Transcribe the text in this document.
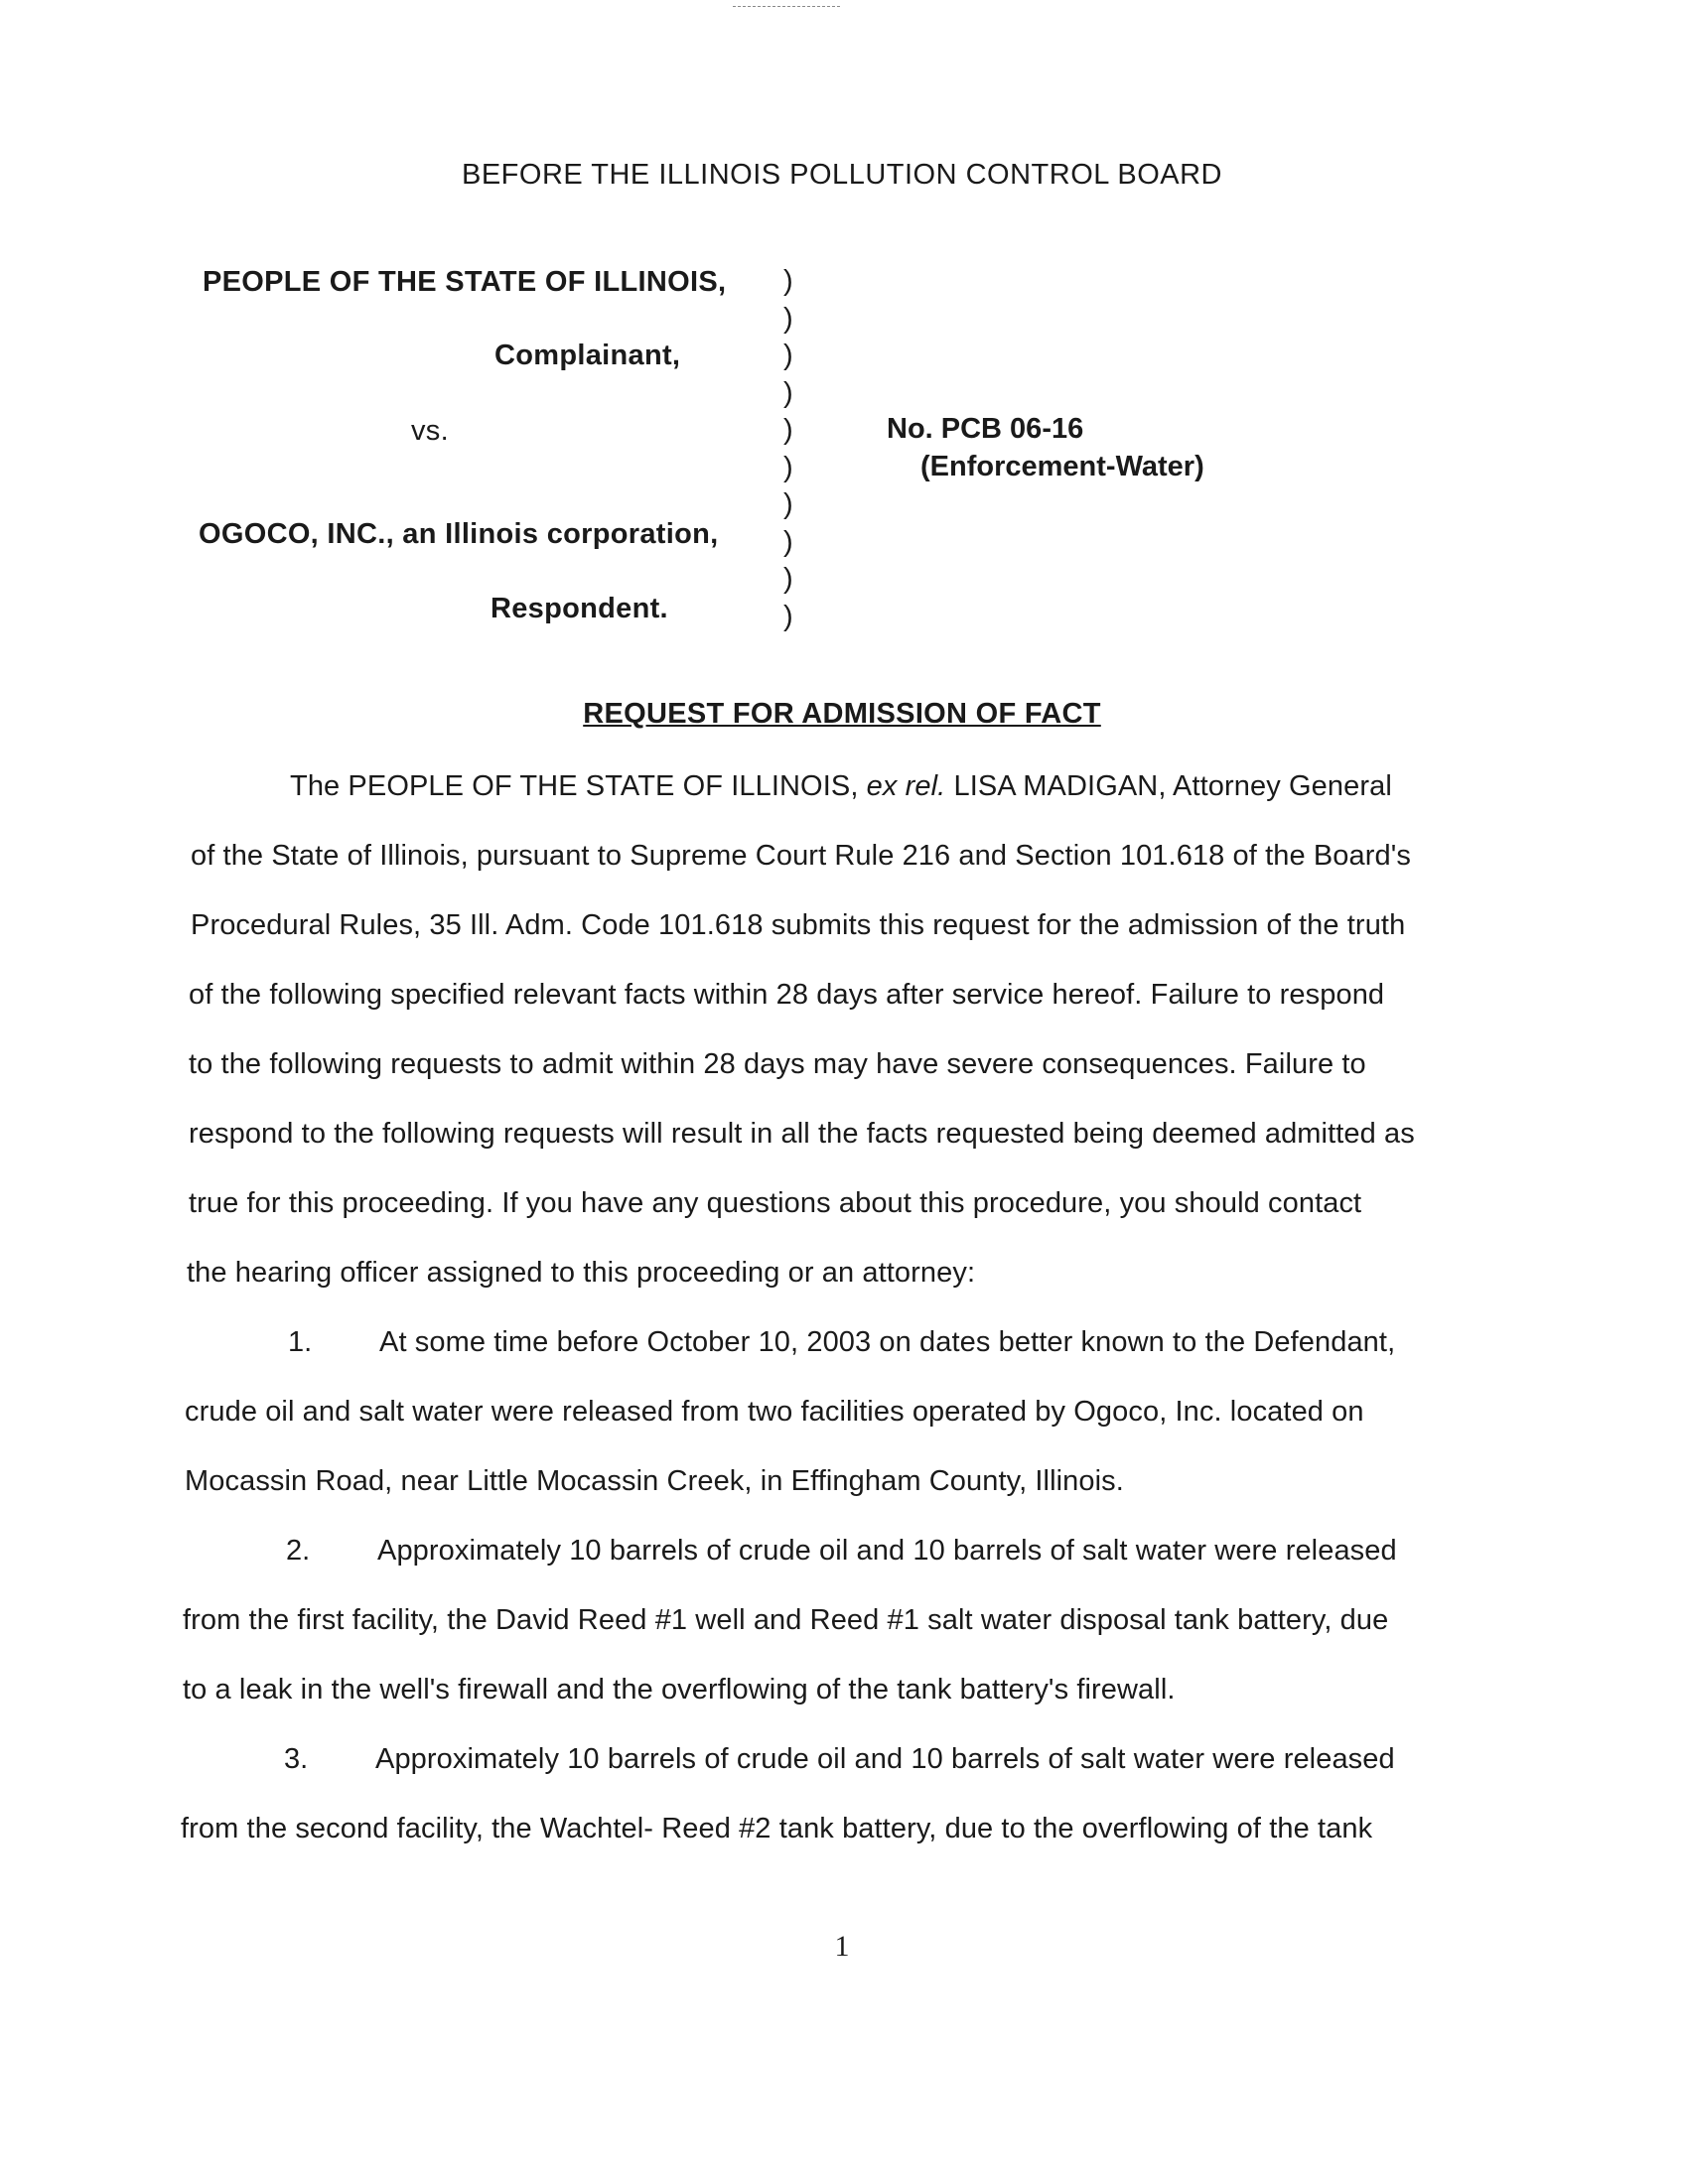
BEFORE THE ILLINOIS POLLUTION CONTROL BOARD
PEOPLE OF THE STATE OF ILLINOIS,
Complainant,
vs.
OGOCO, INC., an Illinois corporation,
Respondent.
)
)
)
)
)
)
)
)
)
)
No. PCB 06-16
(Enforcement-Water)
REQUEST FOR ADMISSION OF FACT
The PEOPLE OF THE STATE OF ILLINOIS, ex rel. LISA MADIGAN, Attorney General
of the State of Illinois, pursuant to Supreme Court Rule 216 and Section 101.618 of the Board's
Procedural Rules, 35 Ill. Adm. Code 101.618 submits this request for the admission of the truth
of the following specified relevant facts within 28 days after service hereof. Failure to respond
to the following requests to admit within 28 days may have severe consequences. Failure to
respond to the following requests will result in all the facts requested being deemed admitted as
true for this proceeding. If you have any questions about this procedure, you should contact
the hearing officer assigned to this proceeding or an attorney:
1. At some time before October 10, 2003 on dates better known to the Defendant,
crude oil and salt water were released from two facilities operated by Ogoco, Inc. located on
Mocassin Road, near Little Mocassin Creek, in Effingham County, Illinois.
2. Approximately 10 barrels of crude oil and 10 barrels of salt water were released
from the first facility, the David Reed #1 well and Reed #1 salt water disposal tank battery, due
to a leak in the well's firewall and the overflowing of the tank battery's firewall.
3. Approximately 10 barrels of crude oil and 10 barrels of salt water were released
from the second facility, the Wachtel- Reed #2 tank battery, due to the overflowing of the tank
1
